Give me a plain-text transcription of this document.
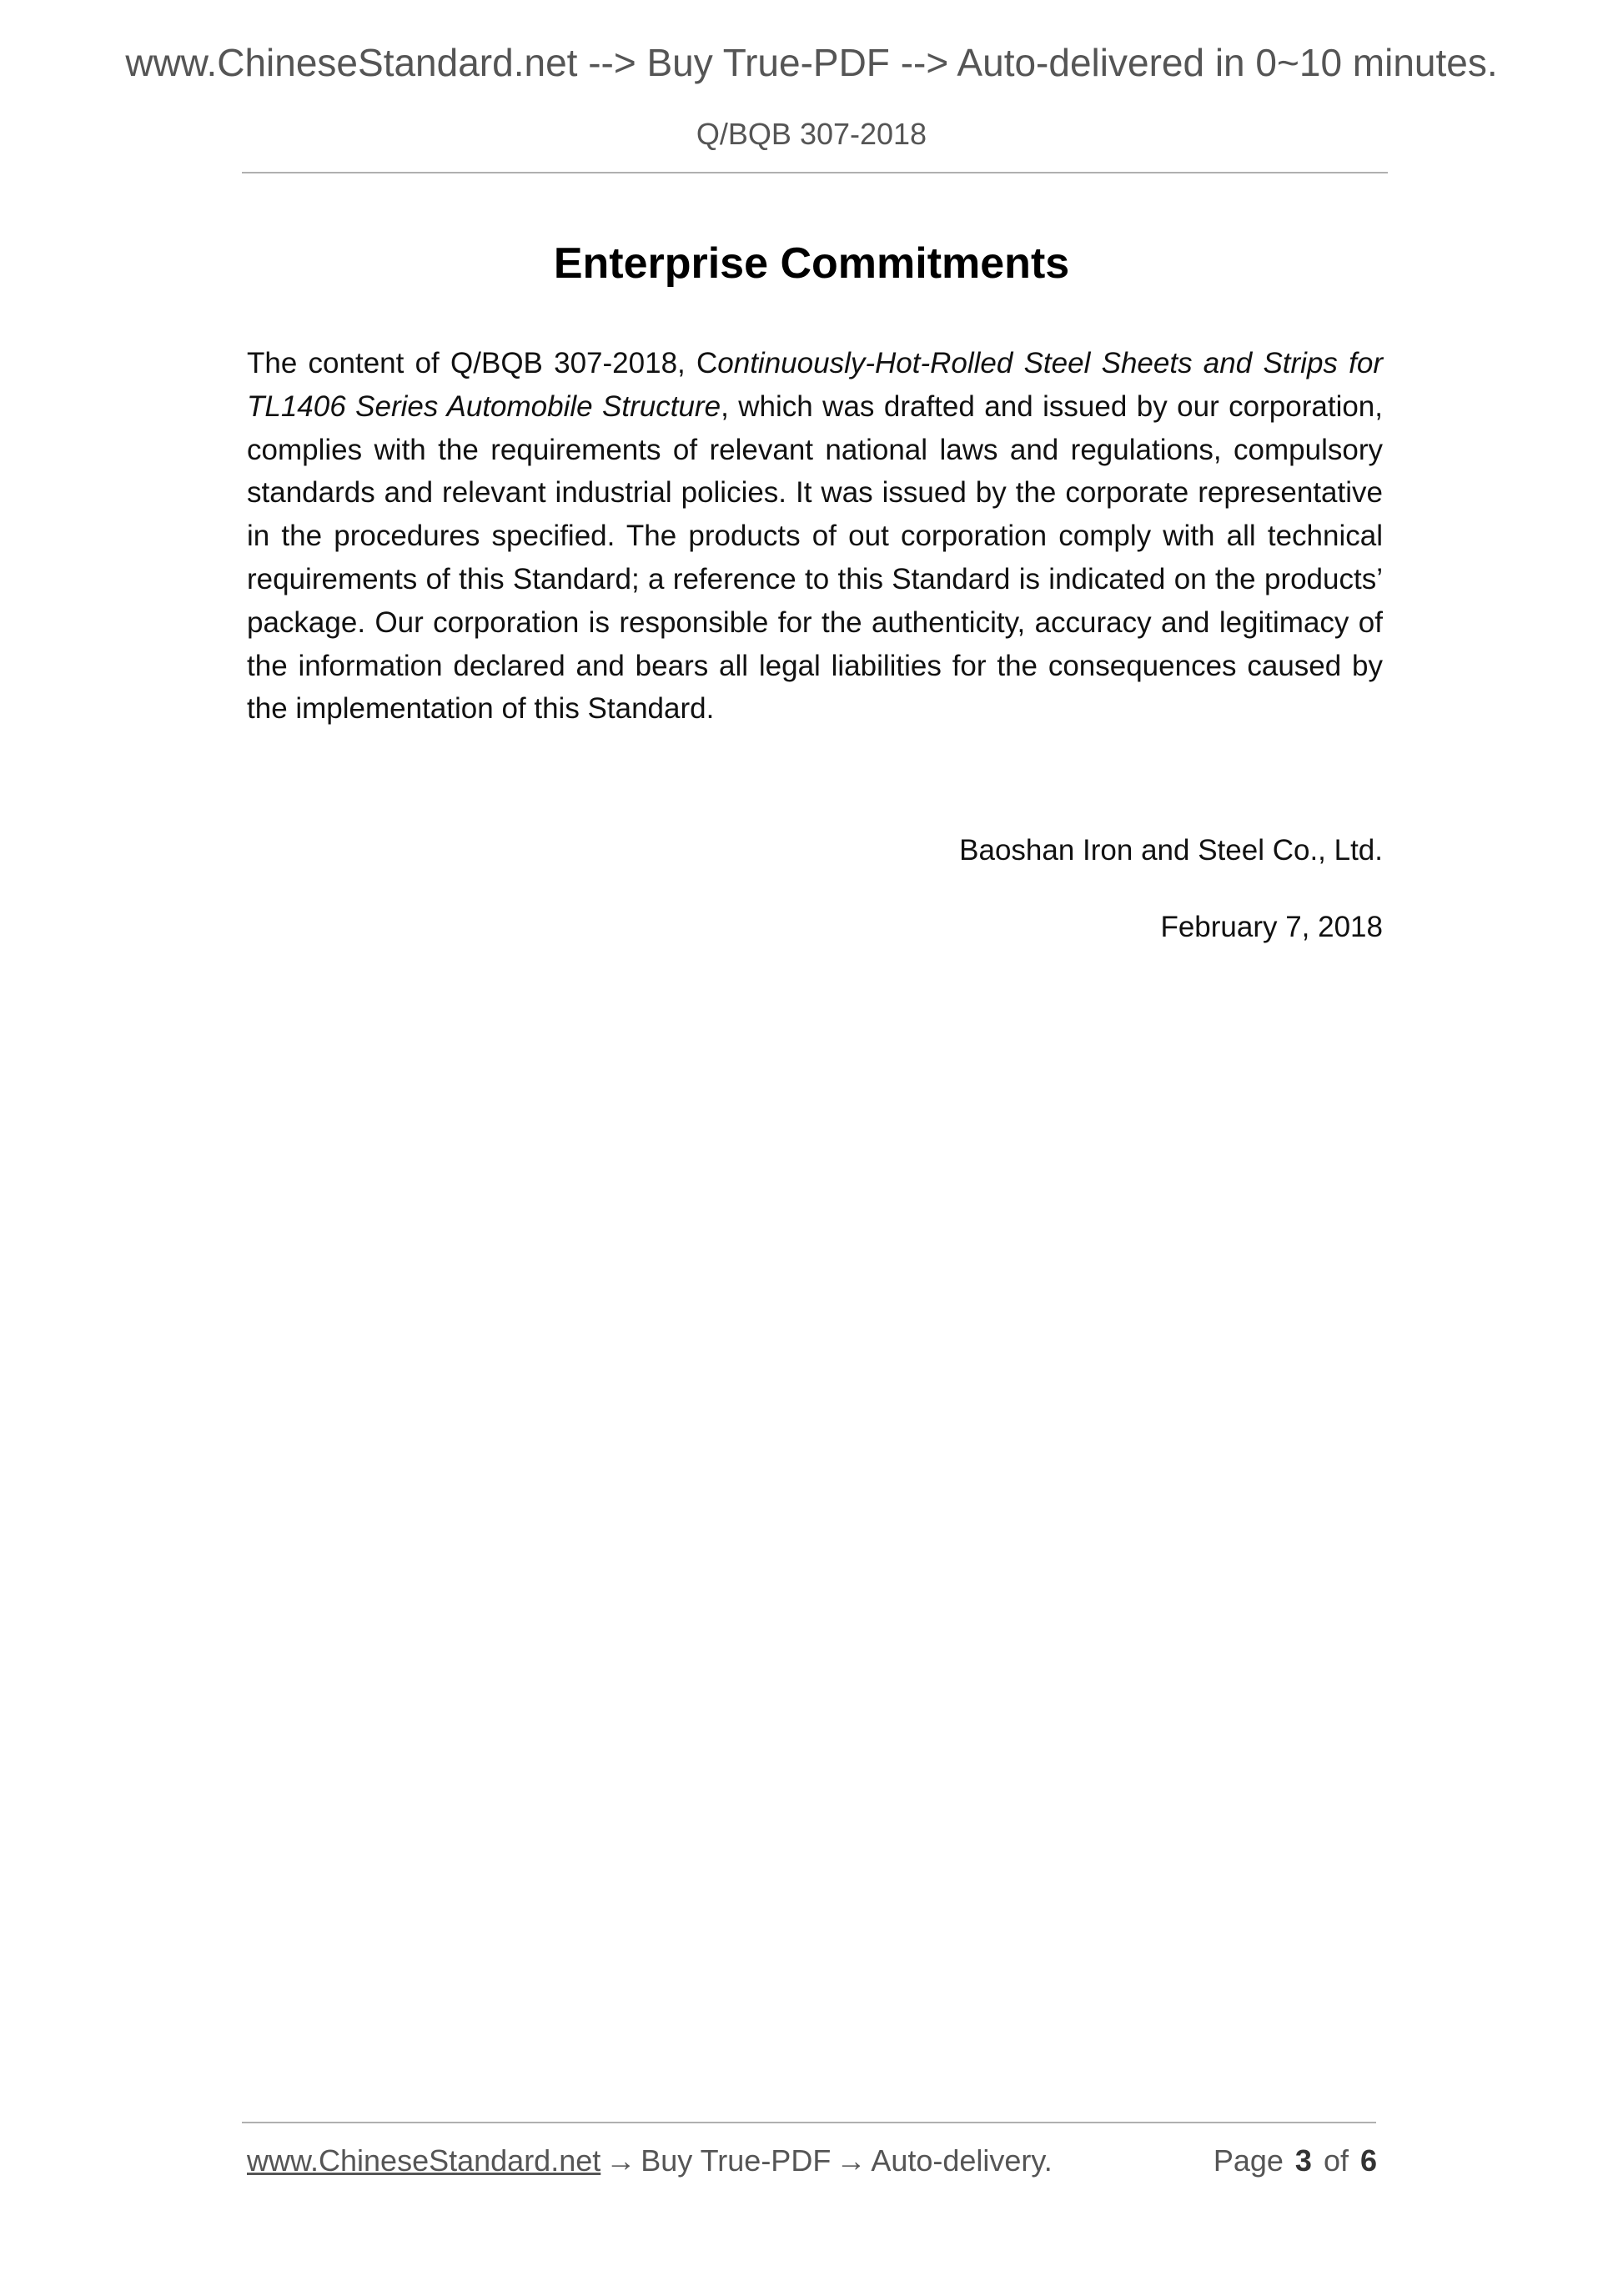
www.ChineseStandard.net --> Buy True-PDF --> Auto-delivered in 0~10 minutes.
Q/BQB 307-2018
Enterprise Commitments

The content of Q/BQB 307-2018, Continuously-Hot-Rolled Steel Sheets and Strips for TL1406 Series Automobile Structure, which was drafted and issued by our corporation, complies with the requirements of relevant national laws and regulations, compulsory standards and relevant industrial policies. It was issued by the corporate representative in the procedures specified. The products of out corporation comply with all technical requirements of this Standard; a reference to this Standard is indicated on the products’ package. Our corporation is responsible for the authenticity, accuracy and legitimacy of the information declared and bears all legal liabilities for the consequences caused by the implementation of this Standard.

Baoshan Iron and Steel Co., Ltd.
February 7, 2018
www.ChineseStandard.net → Buy True-PDF → Auto-delivery.	Page 3 of 6
